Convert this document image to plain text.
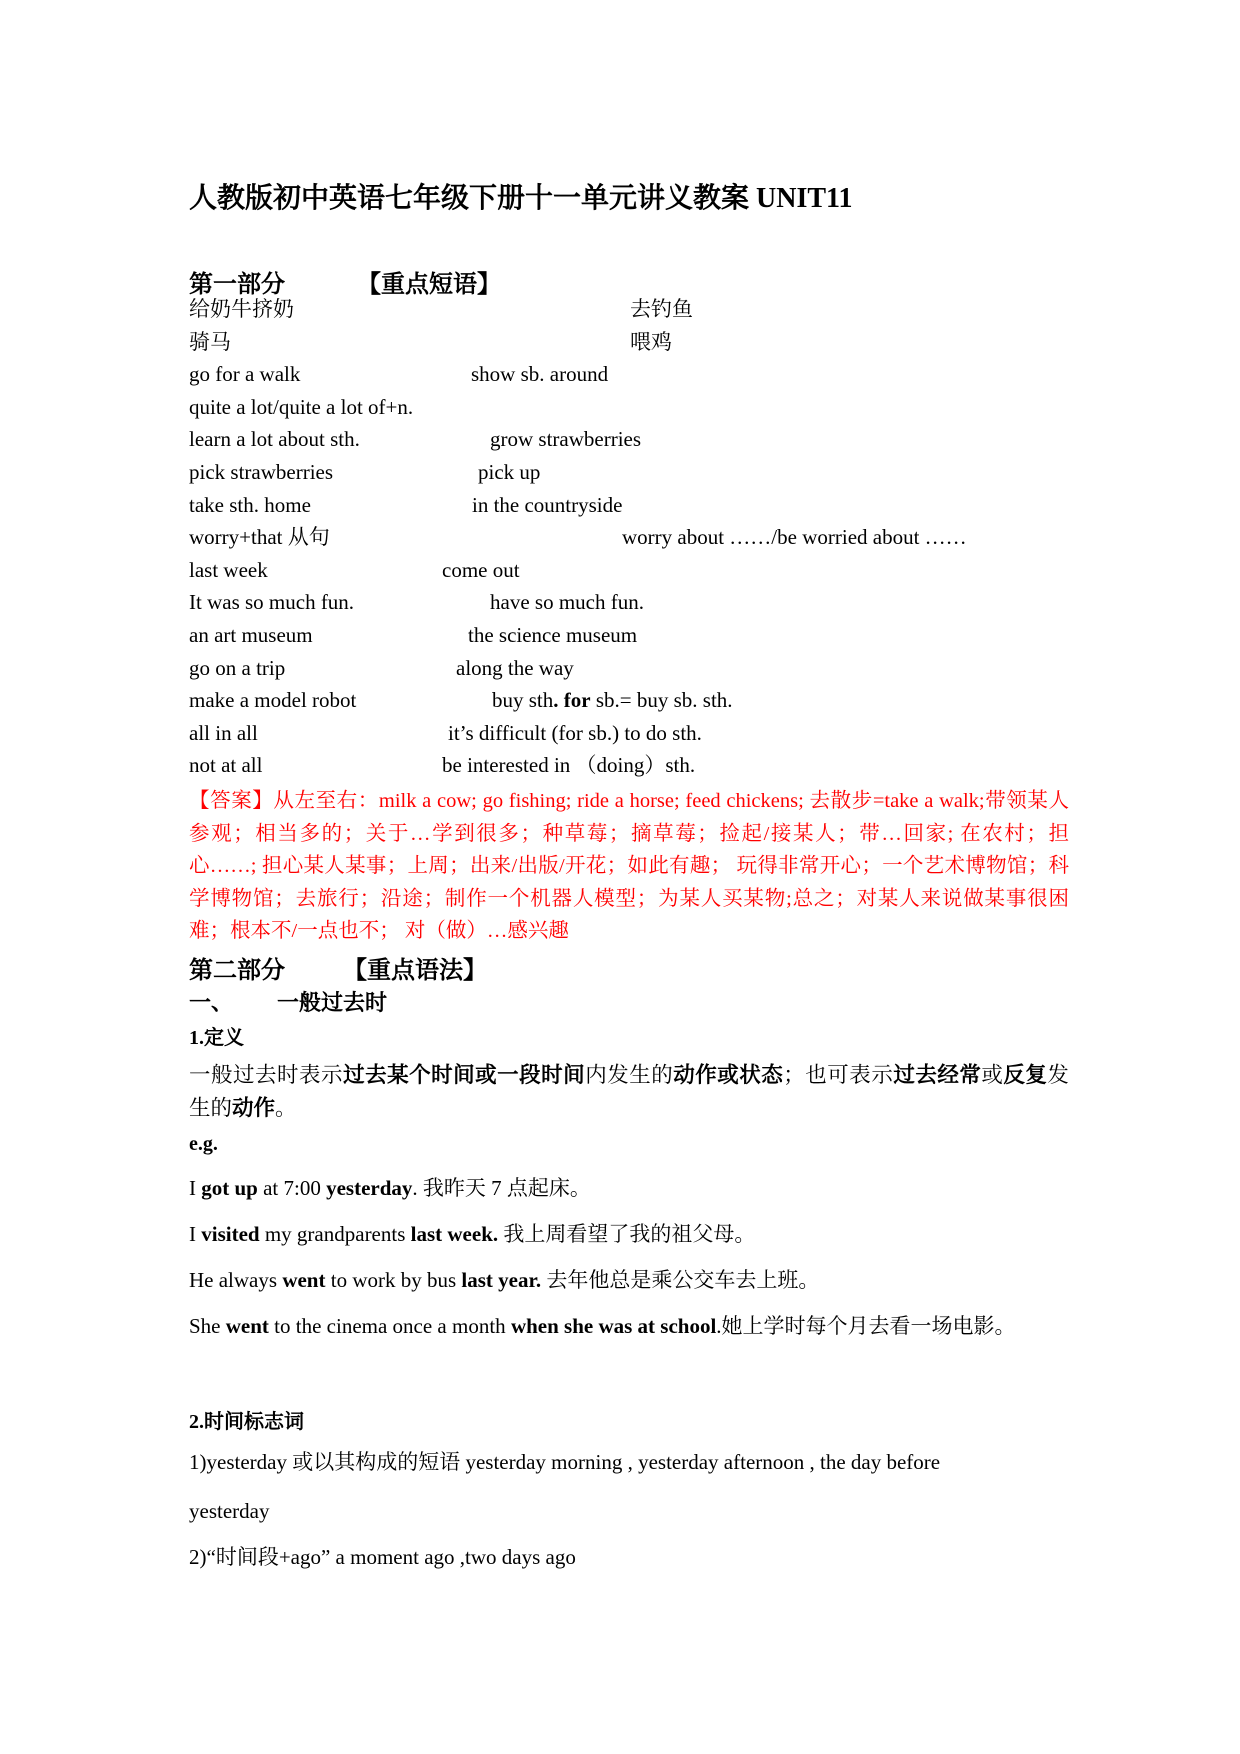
人教版初中英语七年级下册十一单元讲义教案 UNIT11
第一部分	【重点短语】
给奶牛挤奶	去钓鱼
骑马	喂鸡
go for a walk	show sb. around
quite a lot/quite a lot of+n.
learn a lot about sth.	grow strawberries
pick strawberries	pick up
take sth. home	in the countryside
worry+that 从句	worry about ……/be worried about ……
last week	come out
It was so much fun.	have so much fun.
an art museum	the science museum
go on a trip	along the way
make a model robot	buy sth. for sb.= buy sb. sth.
all in all	it’s difficult (for sb.) to do sth.
not at all	be interested in （doing）sth.

【答案】从左至右：milk a cow; go fishing; ride a horse; feed chickens; 去散步=take a walk;带领某人参观；相当多的；关于…学到很多；种草莓；摘草莓；捡起/接某人；带…回家; 在农村；担心……; 担心某人某事；上周；出来/出版/开花；如此有趣； 玩得非常开心；一个艺术博物馆；科学博物馆；去旅行；沿途；制作一个机器人模型；为某人买某物;总之；对某人来说做某事很困难；根本不/一点也不； 对（做）…感兴趣

第二部分 【重点语法】
一、 一般过去时
1.定义

一般过去时表示过去某个时间或一段时间内发生的动作或状态；也可表示过去经常或反复发生的动作。

e.g.

I got up at 7:00 yesterday. 我昨天 7 点起床。

I visited my grandparents last week. 我上周看望了我的祖父母。

He always went to work by bus last year. 去年他总是乘公交车去上班。

She went to the cinema once a month when she was at school.她上学时每个月去看一场电影。

2.时间标志词

1)yesterday 或以其构成的短语 yesterday morning , yesterday afternoon , the day before

yesterday

2)“时间段+ago” a moment ago ,two days ago
